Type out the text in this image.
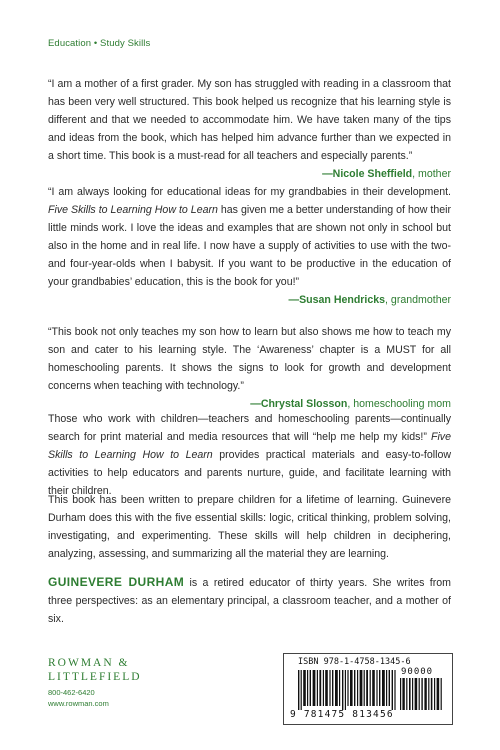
Education • Study Skills

“I am a mother of a first grader. My son has struggled with reading in a classroom that has been very well structured. This book helped us recognize that his learning style is different and that we needed to accommodate him. We have taken many of the tips and ideas from the book, which has helped him advance further than we expected in a short time. This book is a must-read for all teachers and especially parents.”

—Nicole Sheffield, mother

“I am always looking for educational ideas for my grandbabies in their development. Five Skills to Learning How to Learn has given me a better understanding of how their little minds work. I love the ideas and examples that are shown not only in school but also in the home and in real life. I now have a supply of activities to use with the two- and four-year-olds when I babysit. If you want to be productive in the education of your grandbabies’ education, this is the book for you!”

—Susan Hendricks, grandmother

“This book not only teaches my son how to learn but also shows me how to teach my son and cater to his learning style. The ‘Awareness’ chapter is a MUST for all homeschooling parents. It shows the signs to look for growth and development concerns when teaching with technology.”

—Chrystal Slosson, homeschooling mom

Those who work with children—teachers and homeschooling parents—continually search for print material and media resources that will “help me help my kids!” Five Skills to Learning How to Learn provides practical materials and easy-to-follow activities to help educators and parents nurture, guide, and facilitate learning with their children.

This book has been written to prepare children for a lifetime of learning. Guinevere Durham does this with the five essential skills: logic, critical thinking, problem solving, investigating, and experimenting. These skills will help children in deciphering, analyzing, assessing, and summarizing all the material they are learning.

GUINEVERE DURHAM is a retired educator of thirty years. She writes from three perspectives: as an elementary principal, a classroom teacher, and a mother of six.

ROWMAN &
LITTLEFIELD
800-462-6420
www.rowman.com
ISBN 978-1-4758-1345-6
90000
9 781475 813456
